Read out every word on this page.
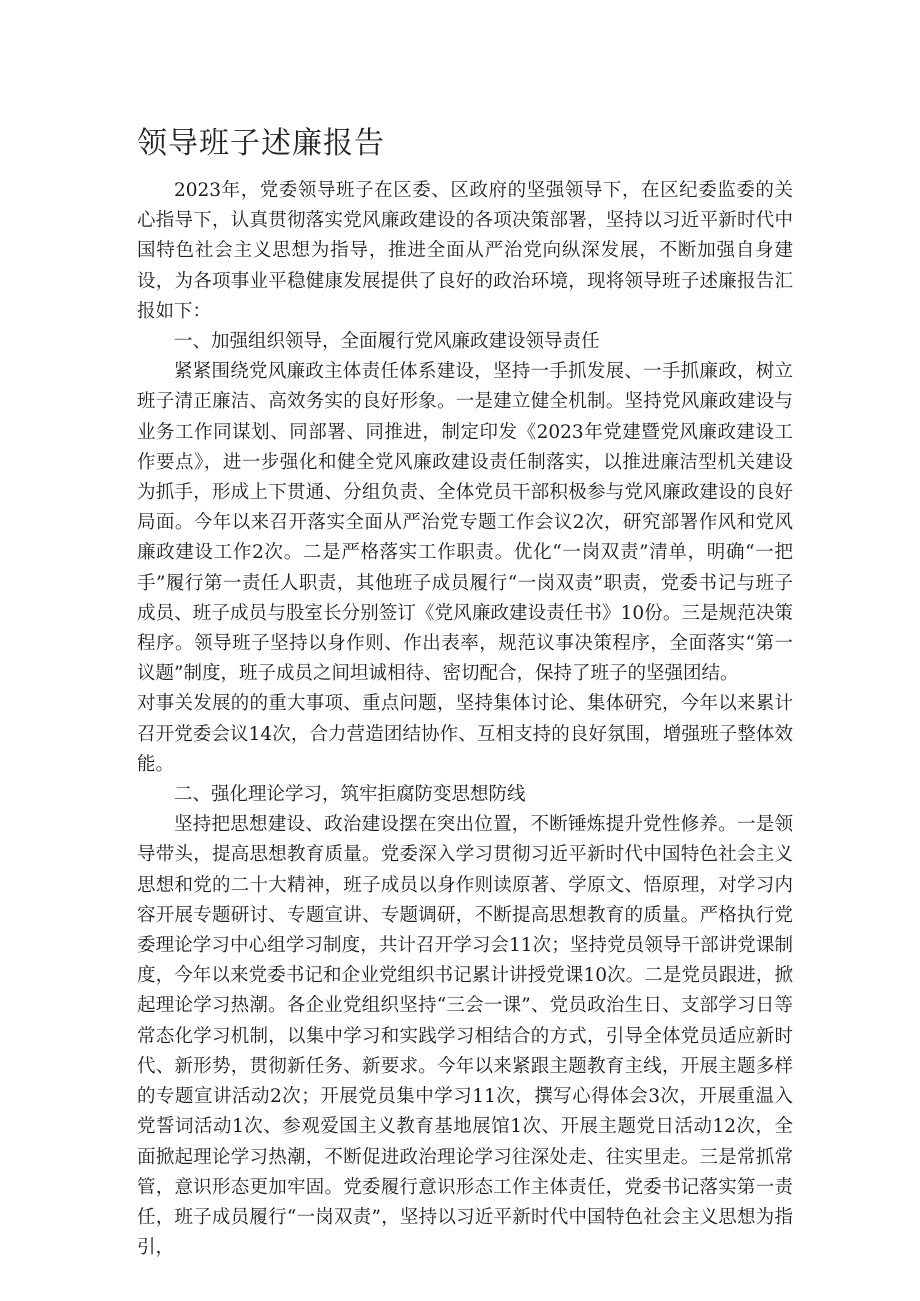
领导班子述廉报告

2023年，党委领导班子在区委、区政府的坚强领导下，在区纪委监委的关心指导下，认真贯彻落实党风廉政建设的各项决策部署，坚持以习近平新时代中国特色社会主义思想为指导，推进全面从严治党向纵深发展，不断加强自身建设，为各项事业平稳健康发展提供了良好的政治环境，现将领导班子述廉报告汇报如下：

一、加强组织领导，全面履行党风廉政建设领导责任

紧紧围绕党风廉政主体责任体系建设，坚持一手抓发展、一手抓廉政，树立班子清正廉洁、高效务实的良好形象。一是建立健全机制。坚持党风廉政建设与业务工作同谋划、同部署、同推进，制定印发《2023年党建暨党风廉政建设工作要点》，进一步强化和健全党风廉政建设责任制落实，以推进廉洁型机关建设为抓手，形成上下贯通、分组负责、全体党员干部积极参与党风廉政建设的良好局面。今年以来召开落实全面从严治党专题工作会议2次，研究部署作风和党风廉政建设工作2次。二是严格落实工作职责。优化“一岗双责”清单，明确“一把手”履行第一责任人职责，其他班子成员履行“一岗双责”职责，党委书记与班子成员、班子成员与股室长分别签订《党风廉政建设责任书》10份。三是规范决策程序。领导班子坚持以身作则、作出表率，规范议事决策程序，全面落实“第一议题”制度，班子成员之间坦诚相待、密切配合，保持了班子的坚强团结。

对事关发展的的重大事项、重点问题，坚持集体讨论、集体研究，今年以来累计召开党委会议14次，合力营造团结协作、互相支持的良好氛围，增强班子整体效能。

二、强化理论学习，筑牢拒腐防变思想防线

坚持把思想建设、政治建设摆在突出位置，不断锤炼提升党性修养。一是领导带头，提高思想教育质量。党委深入学习贯彻习近平新时代中国特色社会主义思想和党的二十大精神，班子成员以身作则读原著、学原文、悟原理，对学习内容开展专题研讨、专题宣讲、专题调研，不断提高思想教育的质量。严格执行党委理论学习中心组学习制度，共计召开学习会11次；坚持党员领导干部讲党课制度，今年以来党委书记和企业党组织书记累计讲授党课10次。二是党员跟进，掀起理论学习热潮。各企业党组织坚持“三会一课”、党员政治生日、支部学习日等常态化学习机制，以集中学习和实践学习相结合的方式，引导全体党员适应新时代、新形势，贯彻新任务、新要求。今年以来紧跟主题教育主线，开展主题多样的专题宣讲活动2次；开展党员集中学习11次，撰写心得体会3次，开展重温入党誓词活动1次、参观爱国主义教育基地展馆1次、开展主题党日活动12次，全面掀起理论学习热潮，不断促进政治理论学习往深处走、往实里走。三是常抓常管，意识形态更加牢固。党委履行意识形态工作主体责任，党委书记落实第一责任，班子成员履行“一岗双责”，坚持以习近平新时代中国特色社会主义思想为指引，
